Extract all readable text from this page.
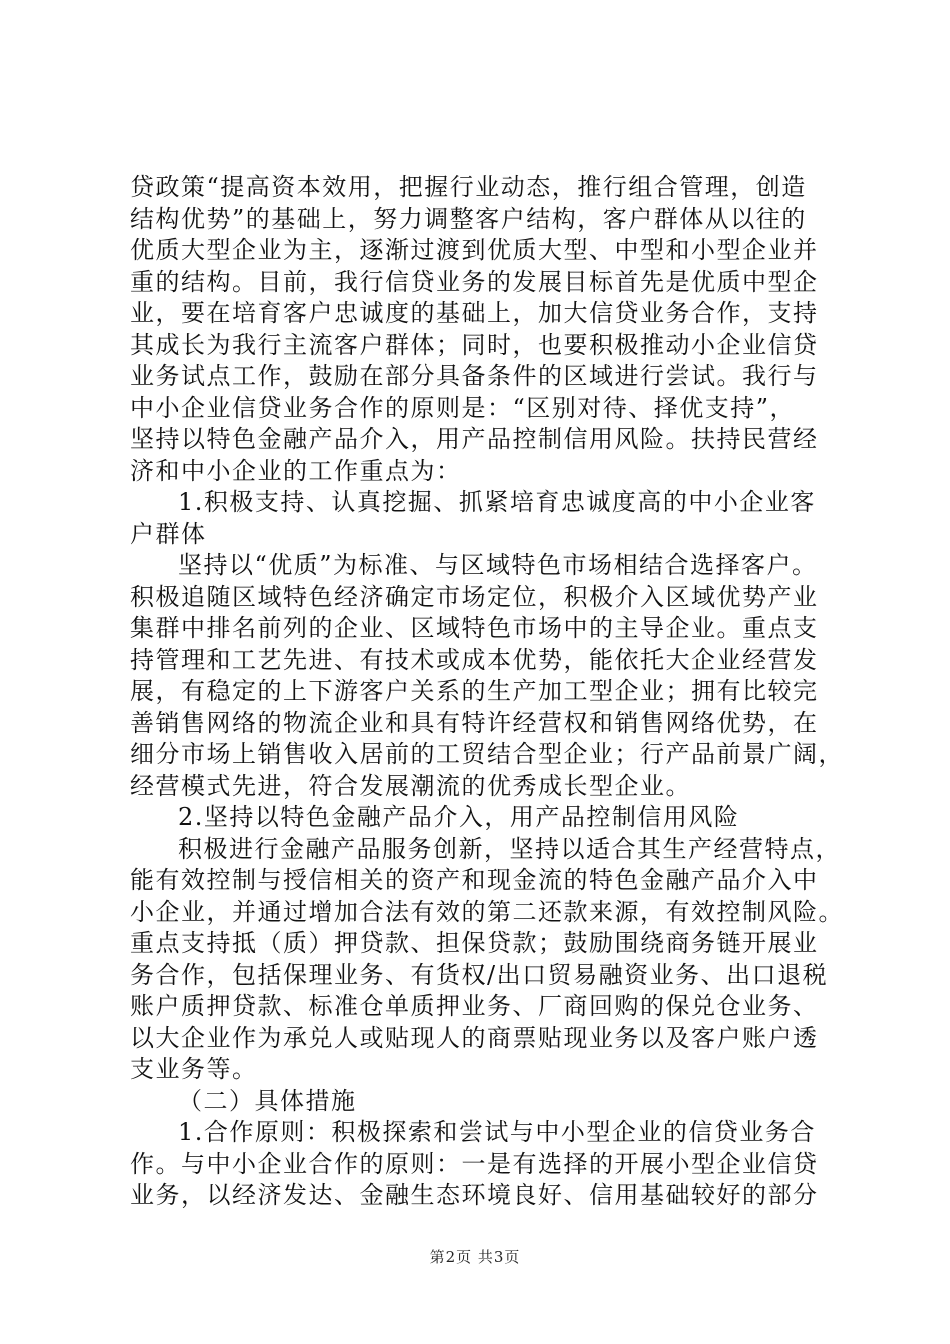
贷政策“提高资本效用，把握行业动态，推行组合管理，创造
结构优势”的基础上，努力调整客户结构，客户群体从以往的
优质大型企业为主，逐渐过渡到优质大型、中型和小型企业并
重的结构。目前，我行信贷业务的发展目标首先是优质中型企
业，要在培育客户忠诚度的基础上，加大信贷业务合作，支持
其成长为我行主流客户群体；同时，也要积极推动小企业信贷
业务试点工作，鼓励在部分具备条件的区域进行尝试。我行与
中小企业信贷业务合作的原则是：“区别对待、择优支持”，
坚持以特色金融产品介入，用产品控制信用风险。扶持民营经
济和中小企业的工作重点为：
1.积极支持、认真挖掘、抓紧培育忠诚度高的中小企业客
户群体
坚持以“优质”为标准、与区域特色市场相结合选择客户。
积极追随区域特色经济确定市场定位，积极介入区域优势产业
集群中排名前列的企业、区域特色市场中的主导企业。重点支
持管理和工艺先进、有技术或成本优势，能依托大企业经营发
展，有稳定的上下游客户关系的生产加工型企业；拥有比较完
善销售网络的物流企业和具有特许经营权和销售网络优势，在
细分市场上销售收入居前的工贸结合型企业；行产品前景广阔，
经营模式先进，符合发展潮流的优秀成长型企业。
2.坚持以特色金融产品介入，用产品控制信用风险
积极进行金融产品服务创新，坚持以适合其生产经营特点，
能有效控制与授信相关的资产和现金流的特色金融产品介入中
小企业，并通过增加合法有效的第二还款来源，有效控制风险。
重点支持抵（质）押贷款、担保贷款；鼓励围绕商务链开展业
务合作，包括保理业务、有货权/出口贸易融资业务、出口退税
账户质押贷款、标准仓单质押业务、厂商回购的保兑仓业务、
以大企业作为承兑人或贴现人的商票贴现业务以及客户账户透
支业务等。
（二）具体措施
1.合作原则：积极探索和尝试与中小型企业的信贷业务合
作。与中小企业合作的原则：一是有选择的开展小型企业信贷
业务，以经济发达、金融生态环境良好、信用基础较好的部分
第2页 共3页
